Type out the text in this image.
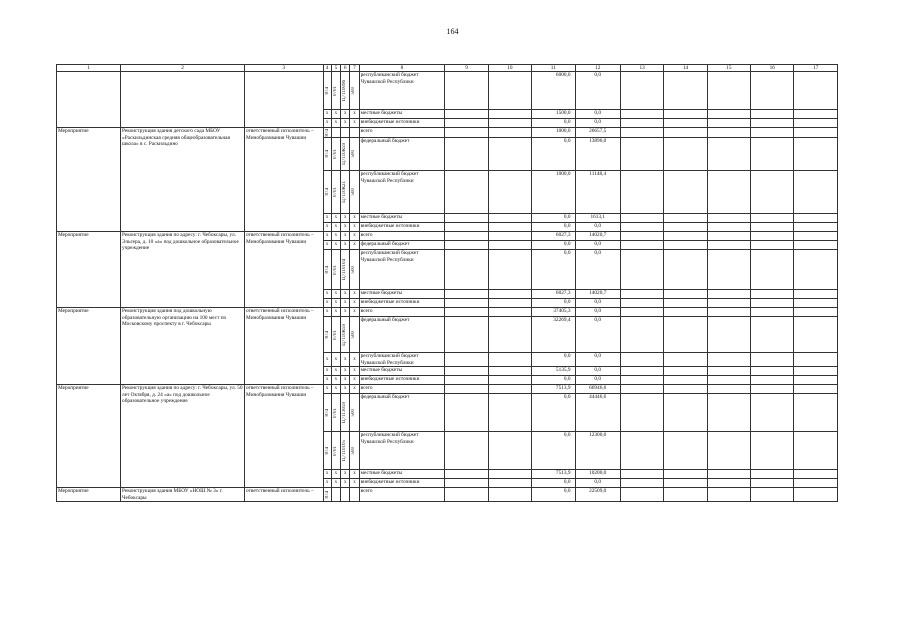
164
1	2	3	4	5	6	7	8	9	10	11	12	13	14	15	16	17

			874	0701	Ц7110096	500	республиканский бюджет Чувашской Республики			6000,0	0,0					

			x	x	x	x	местные бюджеты			1500,0	0,0					

			x	x	x	x	внебюджетные источники			0,0	0,0					
Мероприятие	Реконструкция здания детского сада МБОУ «Раскильдинская средняя общеобразовательная школа» в с. Раскильдино	ответственный исполнитель – Минобразования Чувашии	874				всего			1000,0	26657,5					

			874	0701	Ц7110R59	500	федеральный бюджет			0,0	13896,0					

			874	0701	Ц7110R21	500	республиканский бюджет Чувашской Республики			1000,0	11148,4					

			x	x	x	x	местные бюджеты			0,0	1613,1					

			x	x	x	x	внебюджетные источники			0,0	0,0					
Мероприятие	Реконструкция здания по адресу: г. Чебоксары, ул. Эльгера, д. 10 «а» под дошкольное образовательное учреждение	ответственный исполнитель – Минобразования Чувашии	x	x	x	x	всего			6027,3	14020,7					

			x	x	x	x	федеральный бюджет			0,0	0,0					

			874	0701	Ц7110104	500	республиканский бюджет Чувашской Республики			0,0	0,0					

			x	x	x	x	местные бюджеты			6027,3	14020,7					

			x	x	x	x	внебюджетные источники			0,0	0,0					
Мероприятие	Реконструкция здания под дошкольную образовательную организацию на 100 мест по Московскому проспекту в г. Чебоксары	ответственный исполнитель – Минобразования Чувашии	x	x	x	x	всего			37405,3	0,0					

			874	0701	Ц7110R59	500	федеральный бюджет			32269,4	0,0					

			x	x	x	x	республиканский бюджет Чувашской Республики			0,0	0,0					

			x	x	x	x	местные бюджеты			5135,9	0,0					

			x	x	x	x	внебюджетные источники			0,0	0,0					
Мероприятие	Реконструкция здания по адресу: г. Чебоксары, ул. 50 лет Октября, д. 24 «а» под дошкольное образовательное учреждение	ответственный исполнитель – Минобразования Чувашии	x	x	x	x	всего			7513,9	66946,6					

			874	0701	Ц7113059	500	федеральный бюджет			0,0	44446,6					

			874	0701	Ц7110105	500	республиканский бюджет Чувашской Республики			0,0	12300,0					

			x	x	x	x	местные бюджеты			7513,9	10200,0					

			x	x	x	x	внебюджетные источники			0,0	0,0					
Мероприятие	Реконструкция здания МБОУ «НОШ № 3» г. Чебоксары	ответственный исполнитель –	874				всего			0,0	22509,0					
